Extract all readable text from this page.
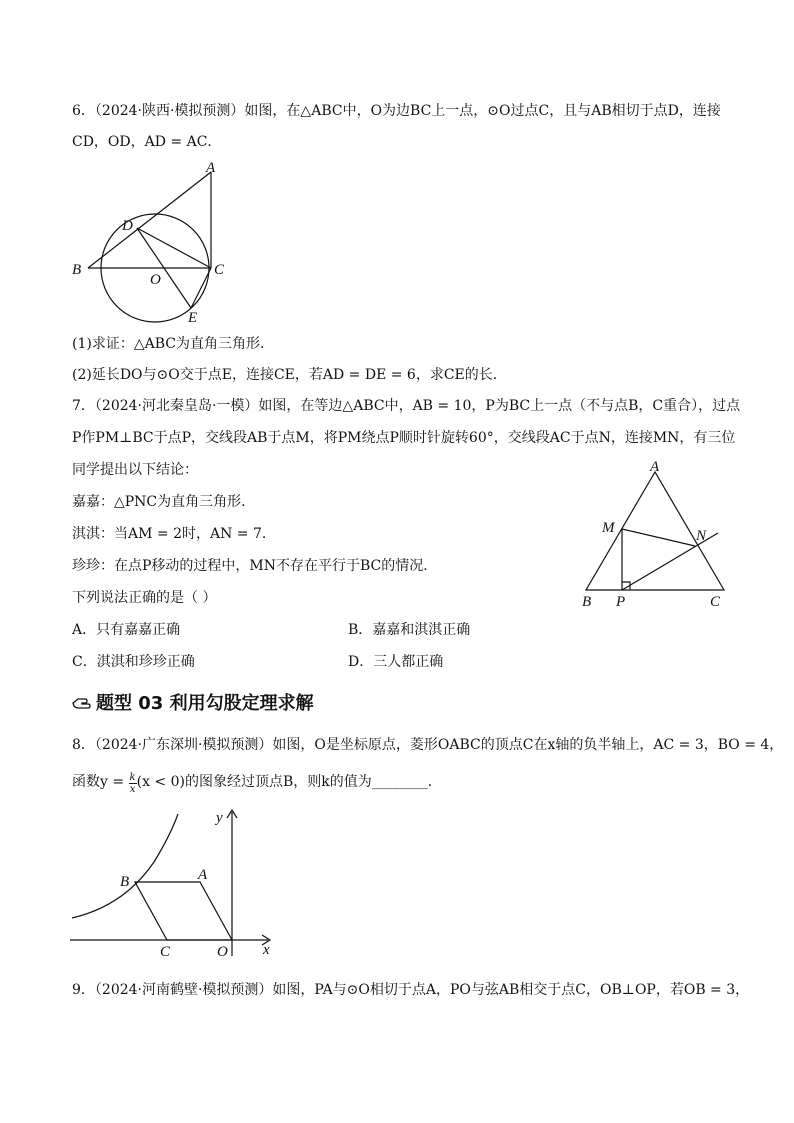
6．（2024·陕西·模拟预测）如图，在△ABC中，O为边BC上一点，⊙O过点C，且与AB相切于点D，连接
CD，OD，AD = AC．
A
B	C
D
E
O
(1)求证：△ABC为直角三角形．
(2)延长DO与⊙O交于点E，连接CE，若AD = DE = 6，求CE的长．
7．（2024·河北秦皇岛·一模）如图，在等边△ABC中，AB = 10，P为BC上一点（不与点B，C重合），过点
P作PM⊥BC于点P，交线段AB于点M，将PM绕点P顺时针旋转60°，交线段AC于点N，连接MN，有三位
同学提出以下结论：
嘉嘉：△PNC为直角三角形．
淇淇：当AM = 2时，AN = 7．
珍珍：在点P移动的过程中，MN不存在平行于BC的情况．
下列说法正确的是（ ）
A
B	C
M	N
P
A．只有嘉嘉正确	B．嘉嘉和淇淇正确
C．淇淇和珍珍正确	D．三人都正确
题型 03 利用勾股定理求解
8．（2024·广东深圳·模拟预测）如图，O是坐标原点，菱形OABC的顶点C在x轴的负半轴上，AC = 3，BO = 4，
函数$y = \frac{k}{x} (x < 0)$的图象经过顶点B，则k的值为________．
y
x
A
B
C	O
9．（2024·河南鹤壁·模拟预测）如图，PA与⊙O相切于点A，PO与弦AB相交于点C，OB⊥OP，若OB = 3，
